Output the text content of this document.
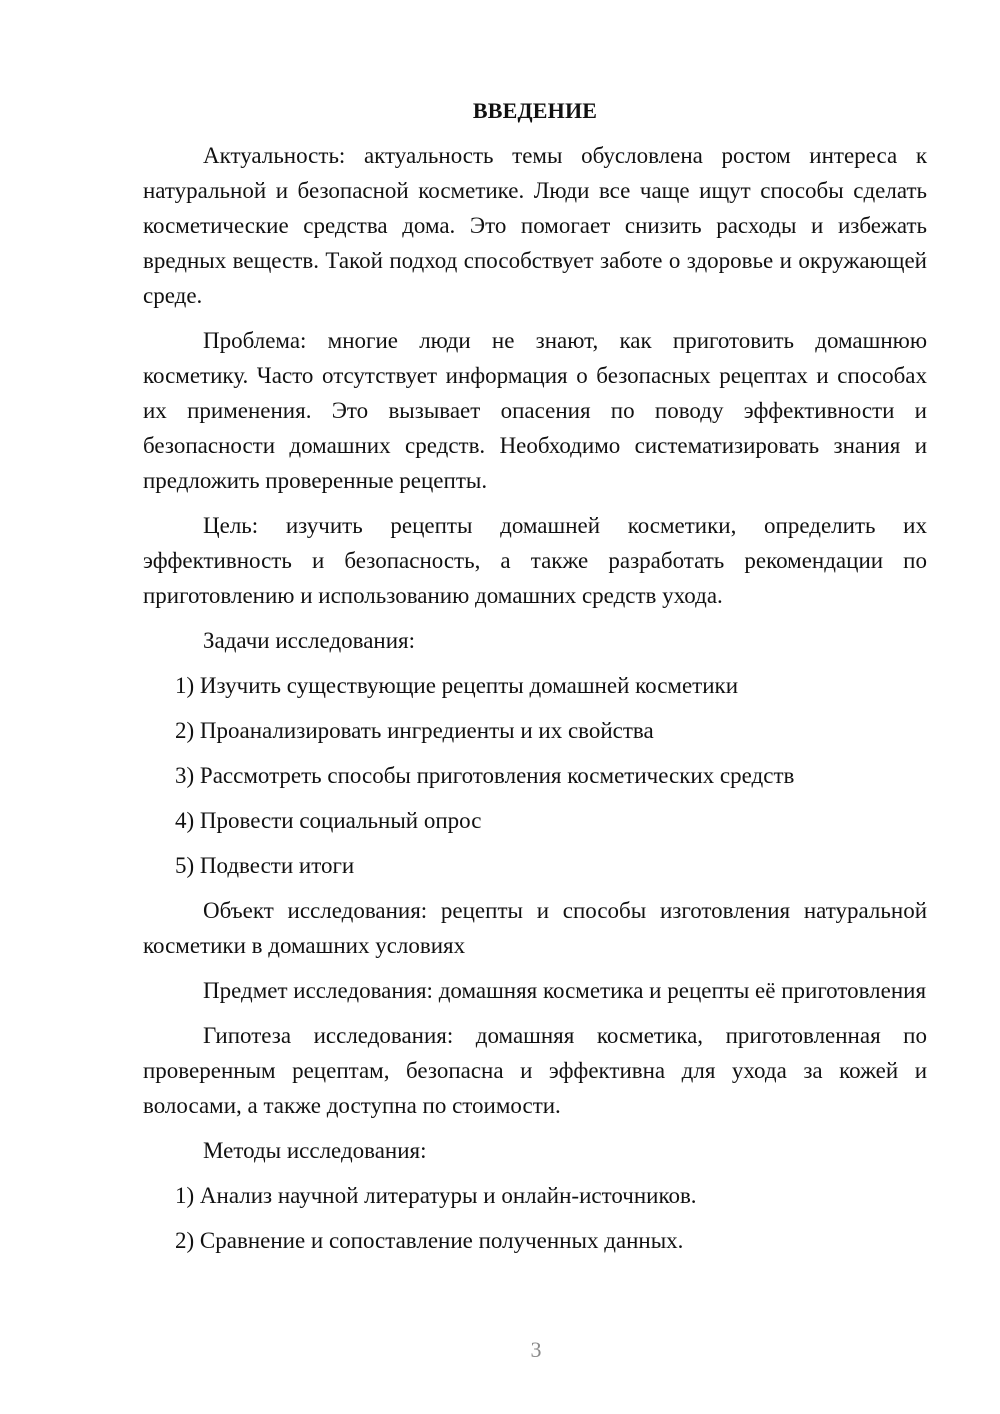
ВВЕДЕНИЕ

Актуальность: актуальность темы обусловлена ростом интереса к натуральной и безопасной косметике. Люди все чаще ищут способы сделать косметические средства дома. Это помогает снизить расходы и избежать вредных веществ. Такой подход способствует заботе о здоровье и окружающей среде.

Проблема: многие люди не знают, как приготовить домашнюю косметику. Часто отсутствует информация о безопасных рецептах и способах их применения. Это вызывает опасения по поводу эффективности и безопасности домашних средств. Необходимо систематизировать знания и предложить проверенные рецепты.

Цель: изучить рецепты домашней косметики, определить их эффективность и безопасность, а также разработать рекомендации по приготовлению и использованию домашних средств ухода.

Задачи исследования:

1) Изучить существующие рецепты домашней косметики
2) Проанализировать ингредиенты и их свойства
3) Рассмотреть способы приготовления косметических средств
4) Провести социальный опрос
5) Подвести итоги

Объект исследования: рецепты и способы изготовления натуральной косметики в домашних условиях

Предмет исследования: домашняя косметика и рецепты её приготовления

Гипотеза исследования: домашняя косметика, приготовленная по проверенным рецептам, безопасна и эффективна для ухода за кожей и волосами, а также доступна по стоимости.

Методы исследования:

1) Анализ научной литературы и онлайн-источников.
2) Сравнение и сопоставление полученных данных.
3
